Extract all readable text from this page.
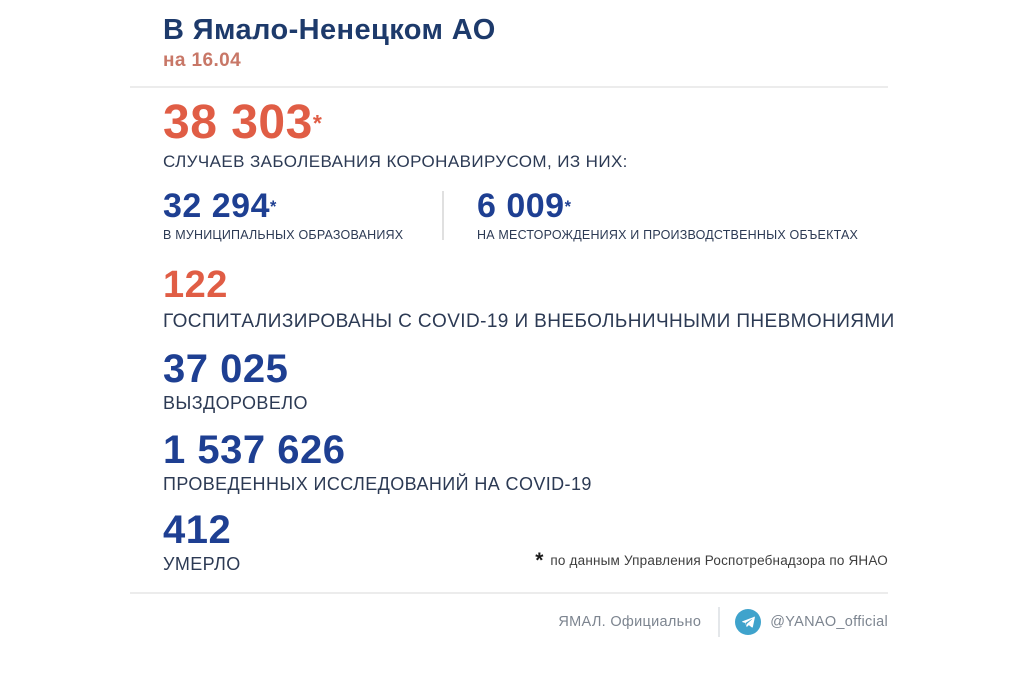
В Ямало-Ненецком АО
на 16.04
38 303*
СЛУЧАЕВ ЗАБОЛЕВАНИЯ КОРОНАВИРУСОМ, ИЗ НИХ:
32 294*
В МУНИЦИПАЛЬНЫХ ОБРАЗОВАНИЯХ
6 009*
НА МЕСТОРОЖДЕНИЯХ И ПРОИЗВОДСТВЕННЫХ ОБЪЕКТАХ
122
ГОСПИТАЛИЗИРОВАНЫ С COVID-19 И ВНЕБОЛЬНИЧНЫМИ ПНЕВМОНИЯМИ
37 025
ВЫЗДОРОВЕЛО
1 537 626
ПРОВЕДЕННЫХ ИССЛЕДОВАНИЙ НА COVID-19
412
УМЕРЛО	* по данным Управления Роспотребнадзора по ЯНАО
ЯМАЛ. Официально	@YANAO_official
